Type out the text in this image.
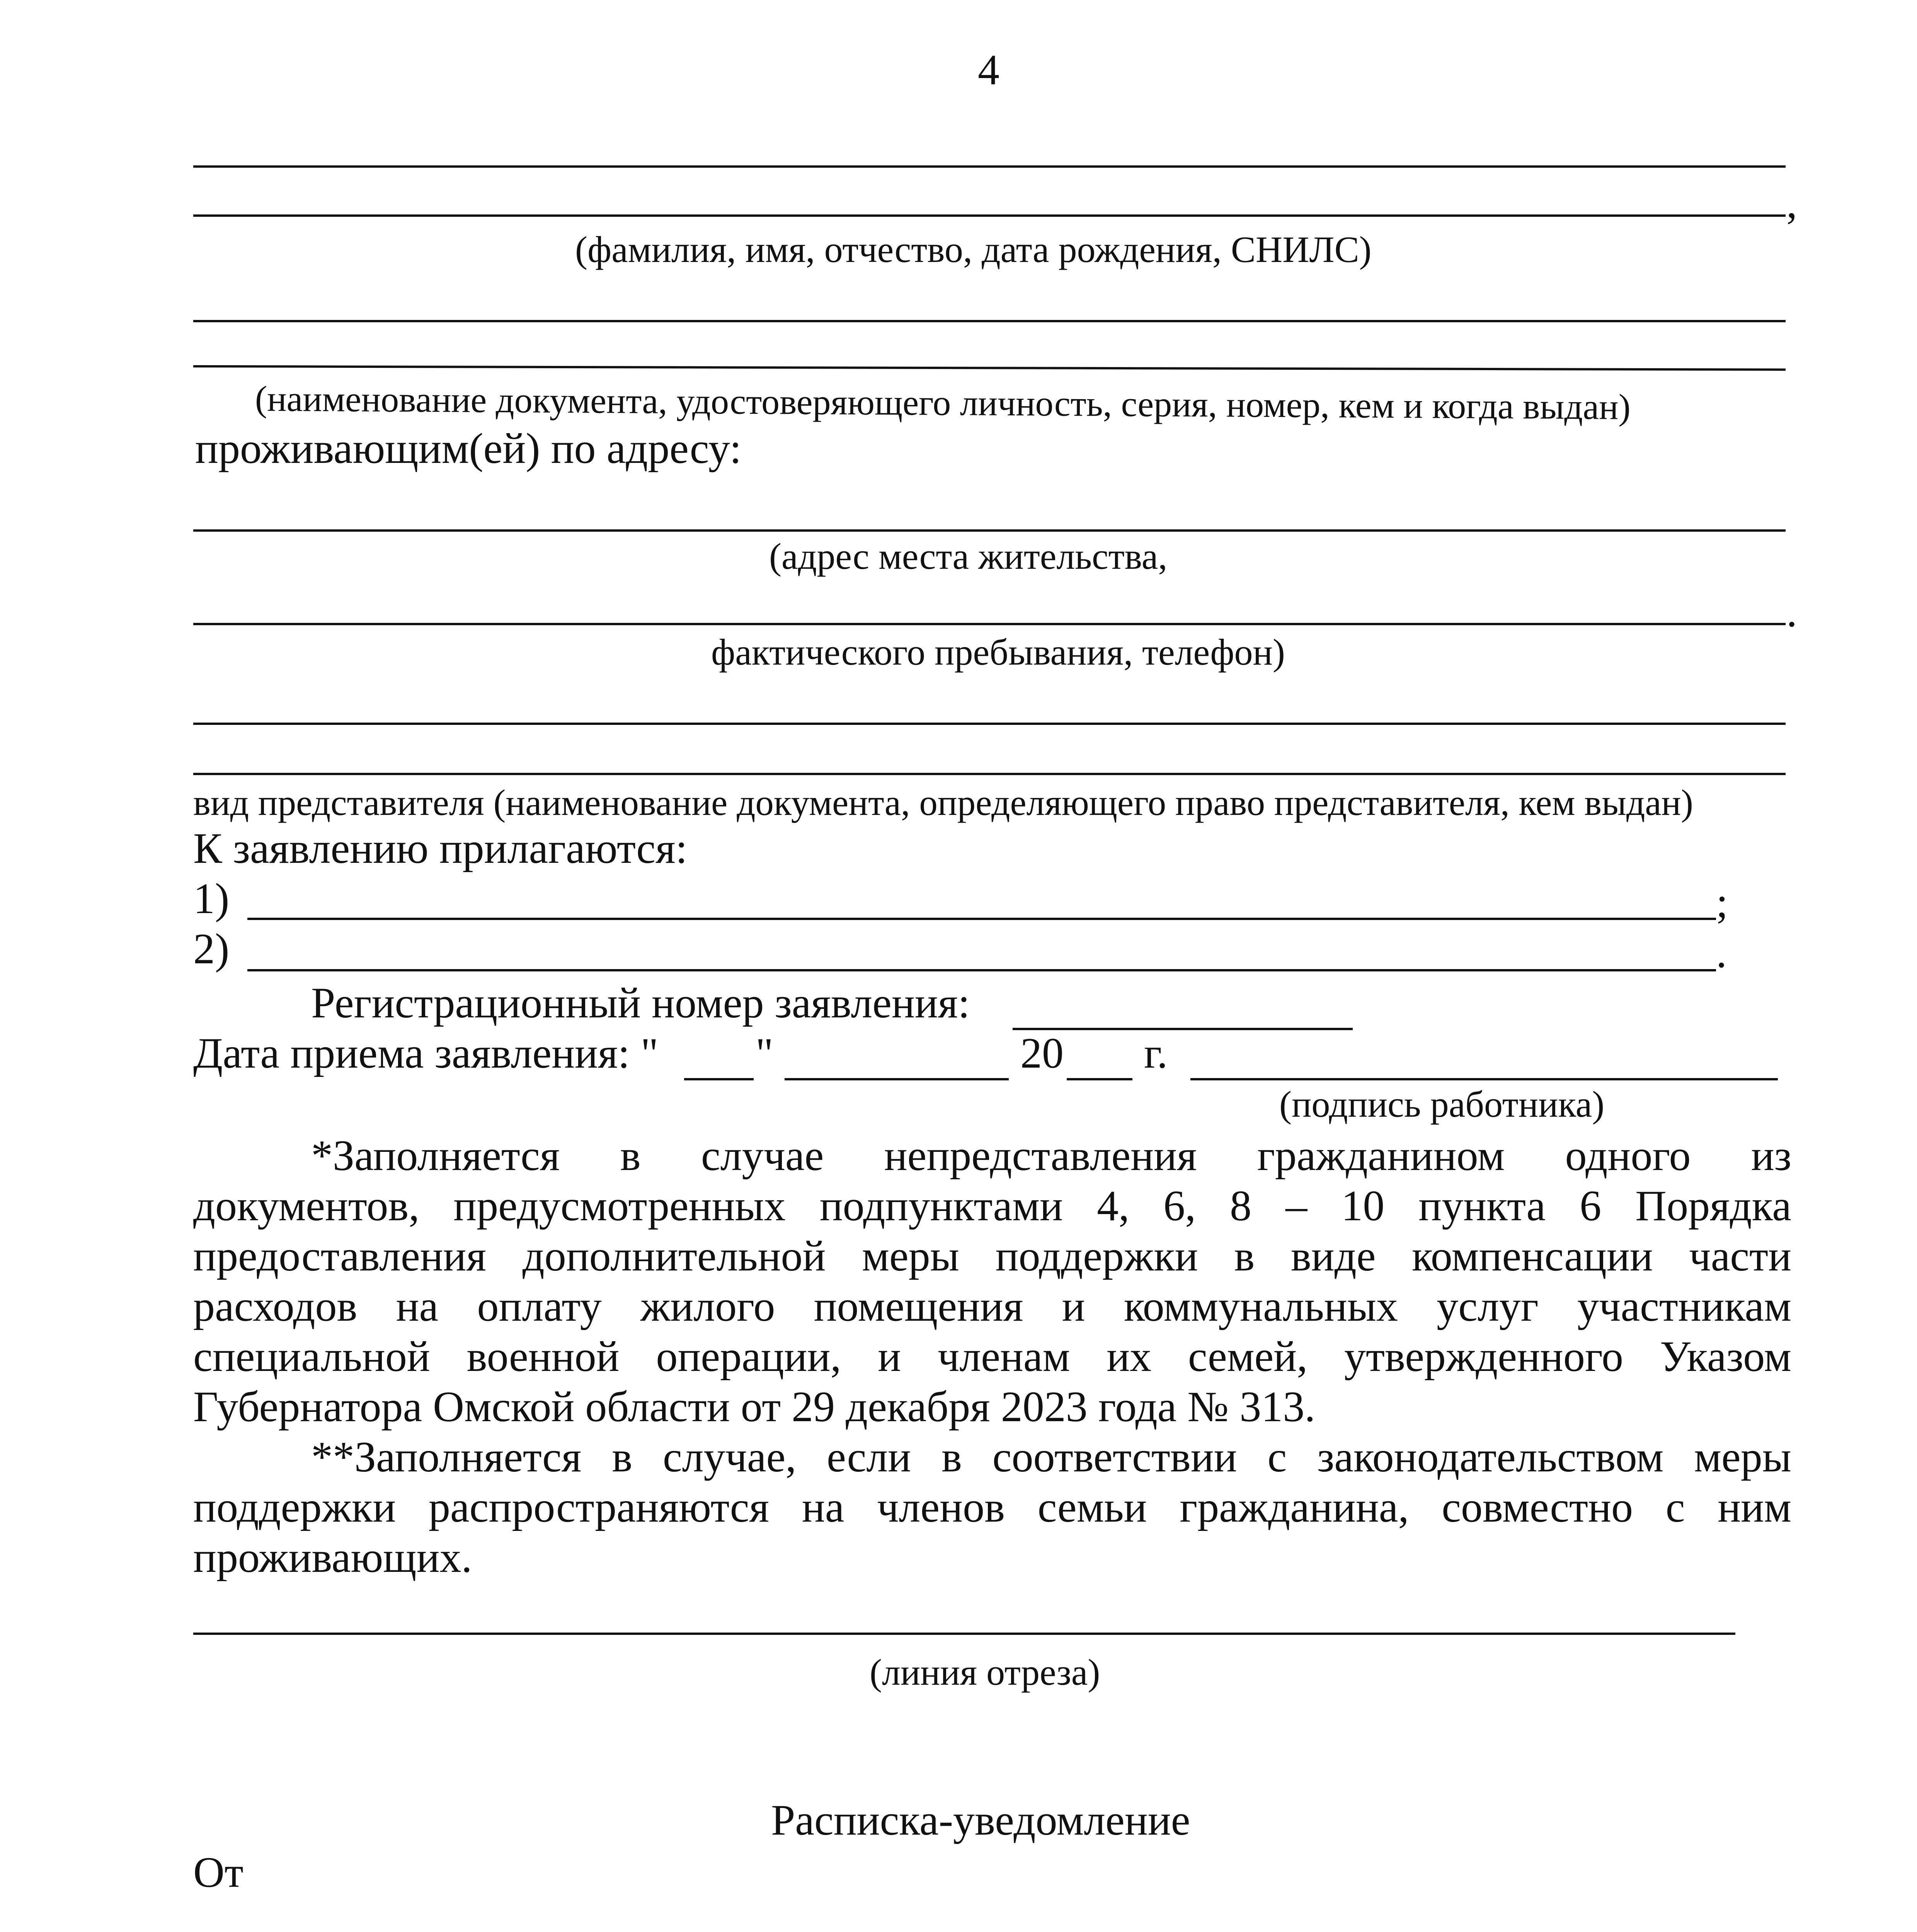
4
,
(фамилия, имя, отчество, дата рождения, СНИЛС)
(наименование документа, удостоверяющего личность, серия, номер, кем и когда выдан)
проживающим(ей) по адресу:
(адрес места жительства,
.
фактического пребывания, телефон)
вид представителя (наименование документа, определяющего право представителя, кем выдан)
К заявлению прилагаются:
1)	;
2)	.
Регистрационный номер заявления:
Дата приема заявления: " "	20 г.
(подпись работника)
*Заполняется в случае непредставления гражданином одного из
документов, предусмотренных подпунктами 4, 6, 8 – 10 пункта 6 Порядка
предоставления дополнительной меры поддержки в виде компенсации части
расходов на оплату жилого помещения и коммунальных услуг участникам
специальной военной операции, и членам их семей, утвержденного Указом
Губернатора Омской области от 29 декабря 2023 года № 313.
**Заполняется в случае, если в соответствии с законодательством меры
поддержки распространяются на членов семьи гражданина, совместно с ним
проживающих.
(линия отреза)
Расписка-уведомление
От
